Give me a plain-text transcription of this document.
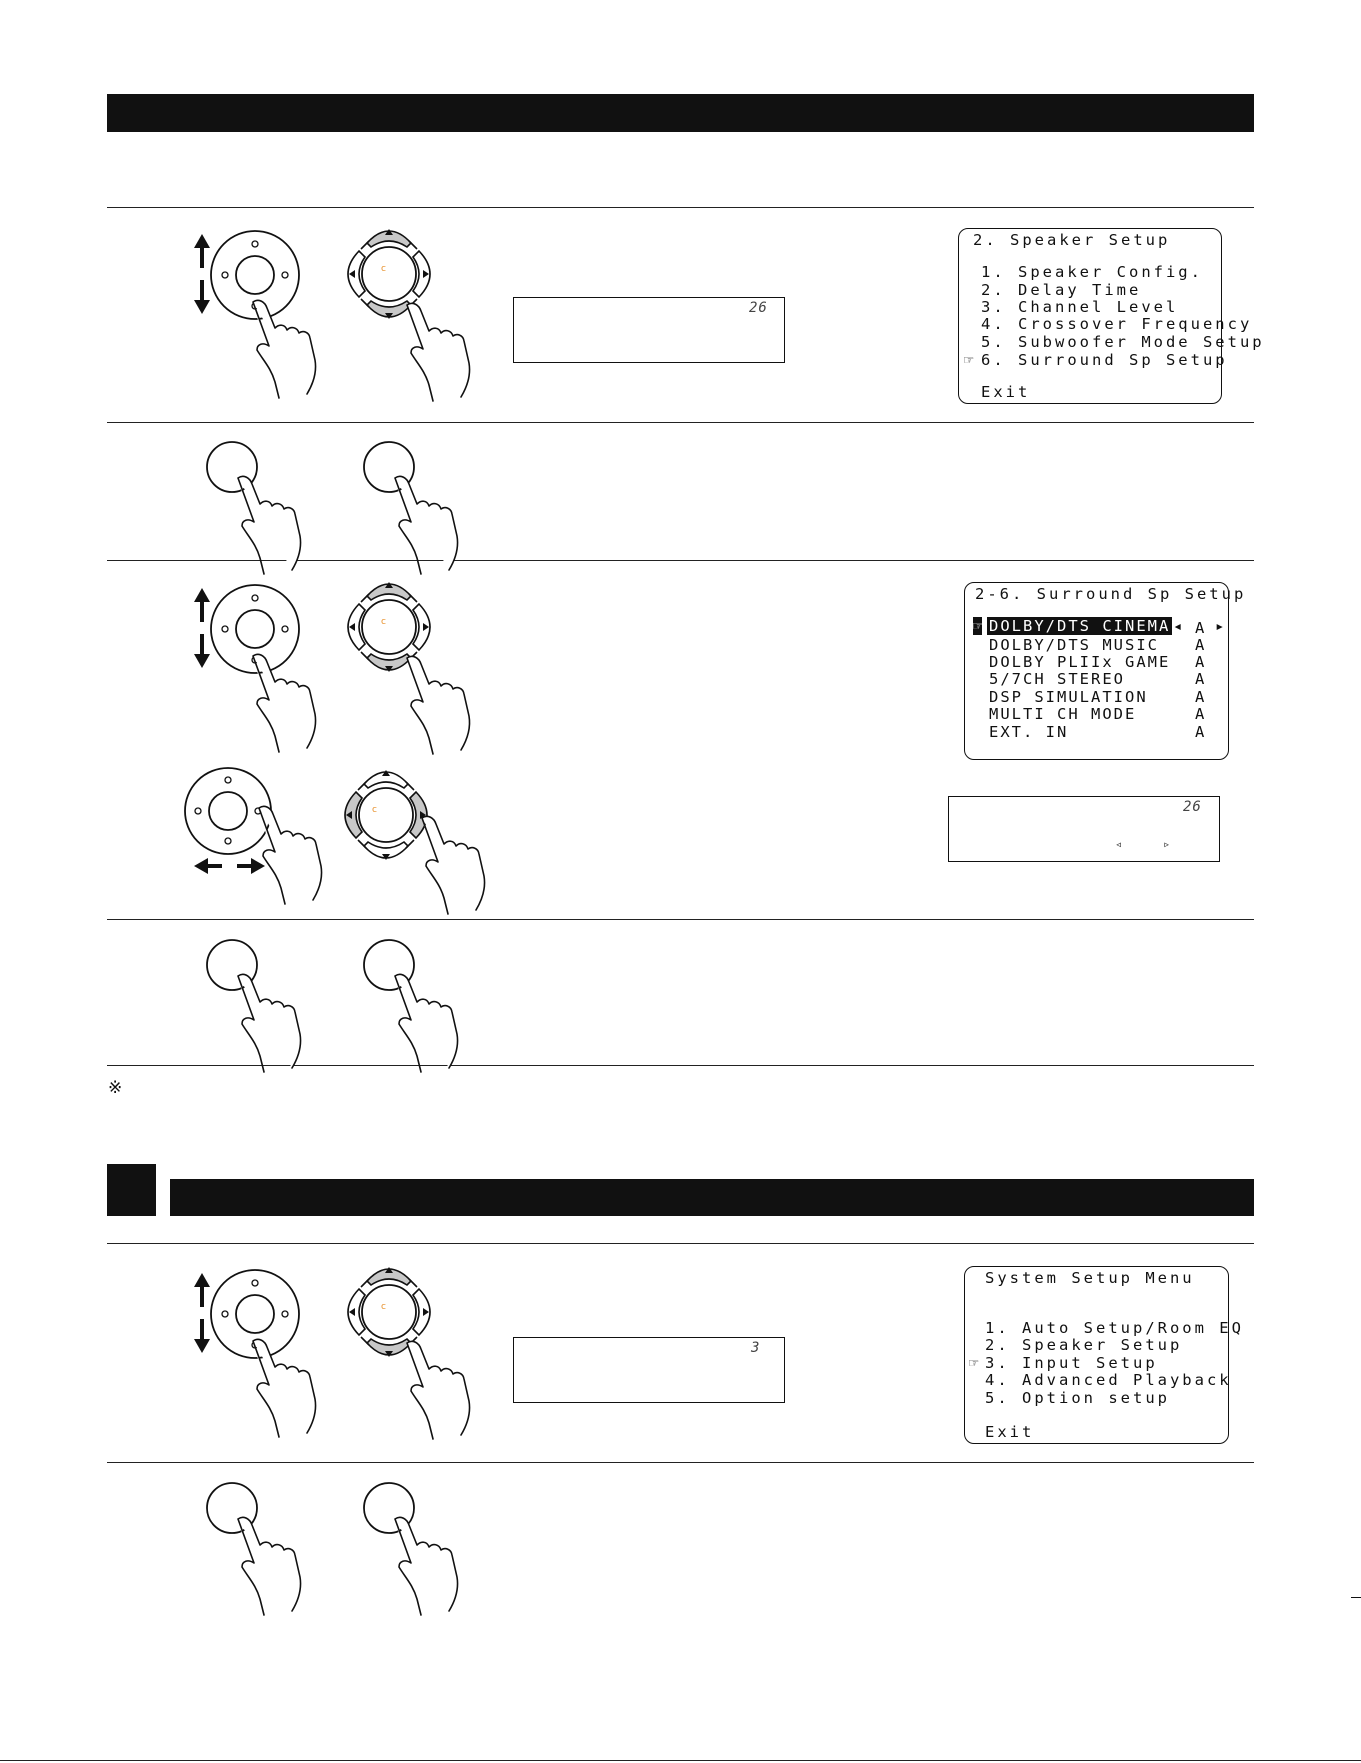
※
c
26
2. Speaker Setup
1. Speaker Config.
2. Delay Time
3. Channel Level
4. Crossover Frequency
5. Subwoofer Mode Setup
☞ 6. Surround Sp Setup
Exit
c
2-6. Surround Sp Setup
☞ DOLBY/DTS CINEMA ◂ A ▸
DOLBY/DTS MUSIC A
DOLBY PLIIx GAME A
5/7CH STEREO	A
DSP SIMULATION	A
MULTI CH MODE	A
EXT. IN	A
c	26
◃	▹
c
3
System Setup Menu
1. Auto Setup/Room EQ
2. Speaker Setup
☞ 3. Input Setup
4. Advanced Playback
5. Option setup
Exit
